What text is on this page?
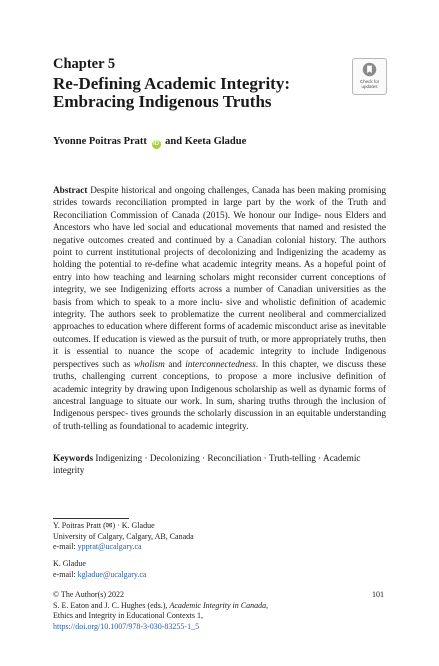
Chapter 5
Re-Defining Academic Integrity:
Embracing Indigenous Truths
Check for
updates
Yvonne Poitras Pratt iD and Keeta Gladue
Abstract Despite historical and ongoing challenges, Canada has been making promising strides towards reconciliation prompted in large part by the work of the Truth and Reconciliation Commission of Canada (2015). We honour our Indige- nous Elders and Ancestors who have led social and educational movements that named and resisted the negative outcomes created and continued by a Canadian colonial history. The authors point to current institutional projects of decolonizing and Indigenizing the academy as holding the potential to re-define what academic integrity means. As a hopeful point of entry into how teaching and learning scholars might reconsider current conceptions of integrity, we see Indigenizing efforts across a number of Canadian universities as the basis from which to speak to a more inclu- sive and wholistic definition of academic integrity. The authors seek to problematize the current neoliberal and commercialized approaches to education where different forms of academic misconduct arise as inevitable outcomes. If education is viewed as the pursuit of truth, or more appropriately truths, then it is essential to nuance the scope of academic integrity to include Indigenous perspectives such as wholism and interconnectedness. In this chapter, we discuss these truths, challenging current conceptions, to propose a more inclusive definition of academic integrity by drawing upon Indigenous scholarship as well as dynamic forms of ancestral language to situate our work. In sum, sharing truths through the inclusion of Indigenous perspec- tives grounds the scholarly discussion in an equitable understanding of truth-telling as foundational to academic integrity.
Keywords Indigenizing · Decolonizing · Reconciliation · Truth-telling · Academic integrity
Y. Poitras Pratt (✉) · K. Gladue
University of Calgary, Calgary, AB, Canada
e-mail: ypprat@ucalgary.ca
K. Gladue
e-mail: kgladue@ucalgary.ca
© The Author(s) 2022
S. E. Eaton and J. C. Hughes (eds.), Academic Integrity in Canada,
Ethics and Integrity in Educational Contexts 1,
https://doi.org/10.1007/978-3-030-83255-1_5
101
